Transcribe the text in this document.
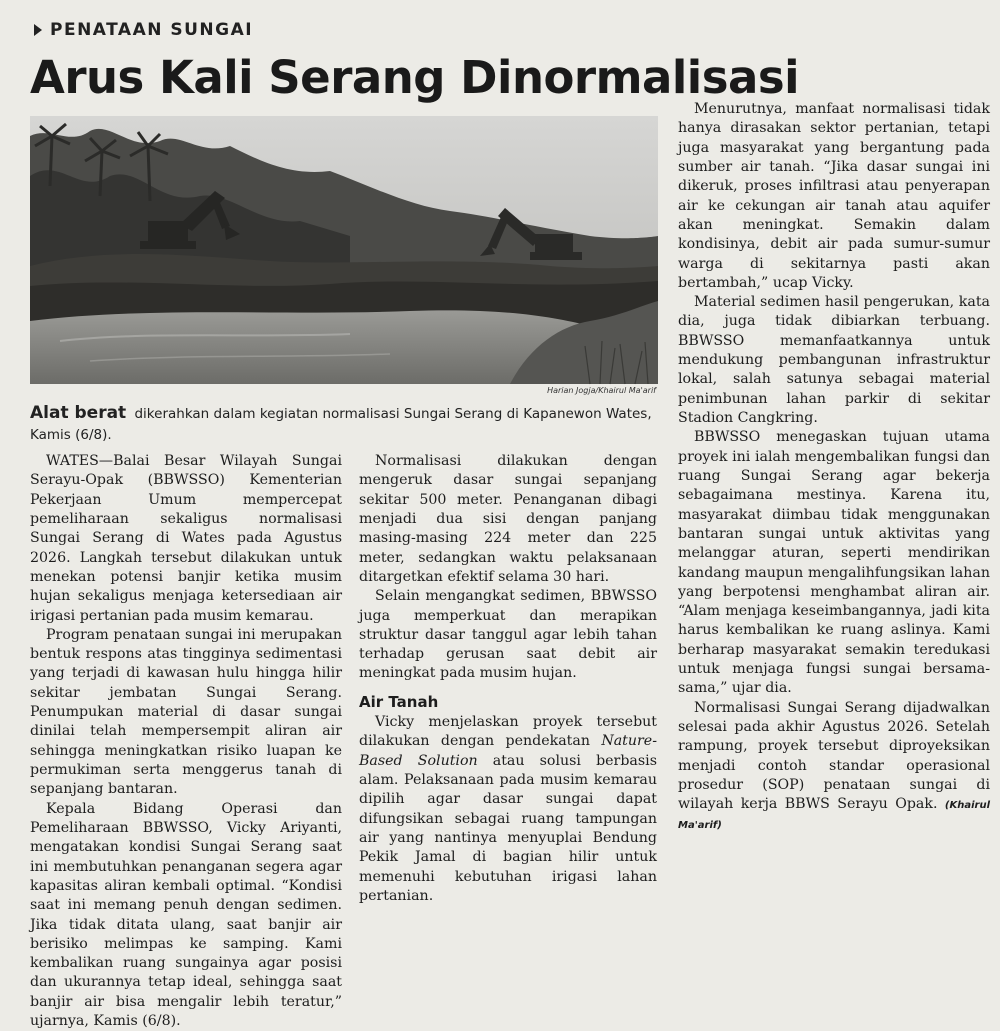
PENATAAN SUNGAI
Arus Kali Serang Dinormalisasi
Harian Jogja/Khairul Ma'arif
Alat berat dikerahkan dalam kegiatan normalisasi Sungai Serang di Kapanewon Wates, Kamis (6/8).

WATES—Balai Besar Wilayah Sungai Serayu-Opak (BBWSSO) Kementerian Pekerjaan Umum mempercepat pemeliharaan sekaligus normalisasi Sungai Serang di Wates pada Agustus 2026. Langkah tersebut dilakukan untuk menekan potensi banjir ketika musim hujan sekaligus menjaga ketersediaan air irigasi pertanian pada musim kemarau.

Program penataan sungai ini merupakan bentuk respons atas tingginya sedimentasi yang terjadi di kawasan hulu hingga hilir sekitar jembatan Sungai Serang. Penumpukan material di dasar sungai dinilai telah mempersempit aliran air sehingga meningkatkan risiko luapan ke permukiman serta menggerus tanah di sepanjang bantaran.

Kepala Bidang Operasi dan Pemeliharaan BBWSSO, Vicky Ariyanti, mengatakan kondisi Sungai Serang saat ini membutuhkan penanganan segera agar kapasitas aliran kembali optimal. “Kondisi saat ini memang penuh dengan sedimen. Jika tidak ditata ulang, saat banjir air berisiko melimpas ke samping. Kami kembalikan ruang sungainya agar posisi dan ukurannya tetap ideal, sehingga saat banjir air bisa mengalir lebih teratur,” ujarnya, Kamis (6/8).

Normalisasi dilakukan dengan mengeruk dasar sungai sepanjang sekitar 500 meter. Penanganan dibagi menjadi dua sisi dengan panjang masing-masing 224 meter dan 225 meter, sedangkan waktu pelaksanaan ditargetkan efektif selama 30 hari.

Selain mengangkat sedimen, BBWSSO juga memperkuat dan merapikan struktur dasar tanggul agar lebih tahan terhadap gerusan saat debit air meningkat pada musim hujan.

Air Tanah

Vicky menjelaskan proyek tersebut dilakukan dengan pendekatan Nature-Based Solution atau solusi berbasis alam. Pelaksanaan pada musim kemarau dipilih agar dasar sungai dapat difungsikan sebagai ruang tampungan air yang nantinya menyuplai Bendung Pekik Jamal di bagian hilir untuk memenuhi kebutuhan irigasi lahan pertanian.

Menurutnya, manfaat normalisasi tidak hanya dirasakan sektor pertanian, tetapi juga masyarakat yang bergantung pada sumber air tanah. “Jika dasar sungai ini dikeruk, proses infiltrasi atau penyerapan air ke cekungan air tanah atau aquifer akan meningkat. Semakin dalam kondisinya, debit air pada sumur-sumur warga di sekitarnya pasti akan bertambah,” ucap Vicky.

Material sedimen hasil pengerukan, kata dia, juga tidak dibiarkan terbuang. BBWSSO memanfaatkannya untuk mendukung pembangunan infrastruktur lokal, salah satunya sebagai material penimbunan lahan parkir di sekitar Stadion Cangkring.

BBWSSO menegaskan tujuan utama proyek ini ialah mengembalikan fungsi dan ruang Sungai Serang agar bekerja sebagaimana mestinya. Karena itu, masyarakat diimbau tidak menggunakan bantaran sungai untuk aktivitas yang melanggar aturan, seperti mendirikan kandang maupun mengalihfungsikan lahan yang berpotensi menghambat aliran air. “Alam menjaga keseimbangannya, jadi kita harus kembalikan ke ruang aslinya. Kami berharap masyarakat semakin teredukasi untuk menjaga fungsi sungai bersama-sama,” ujar dia.

Normalisasi Sungai Serang dijadwalkan selesai pada akhir Agustus 2026. Setelah rampung, proyek tersebut diproyeksikan menjadi contoh standar operasional prosedur (SOP) penataan sungai di wilayah kerja BBWS Serayu Opak. (Khairul Ma'arif)
